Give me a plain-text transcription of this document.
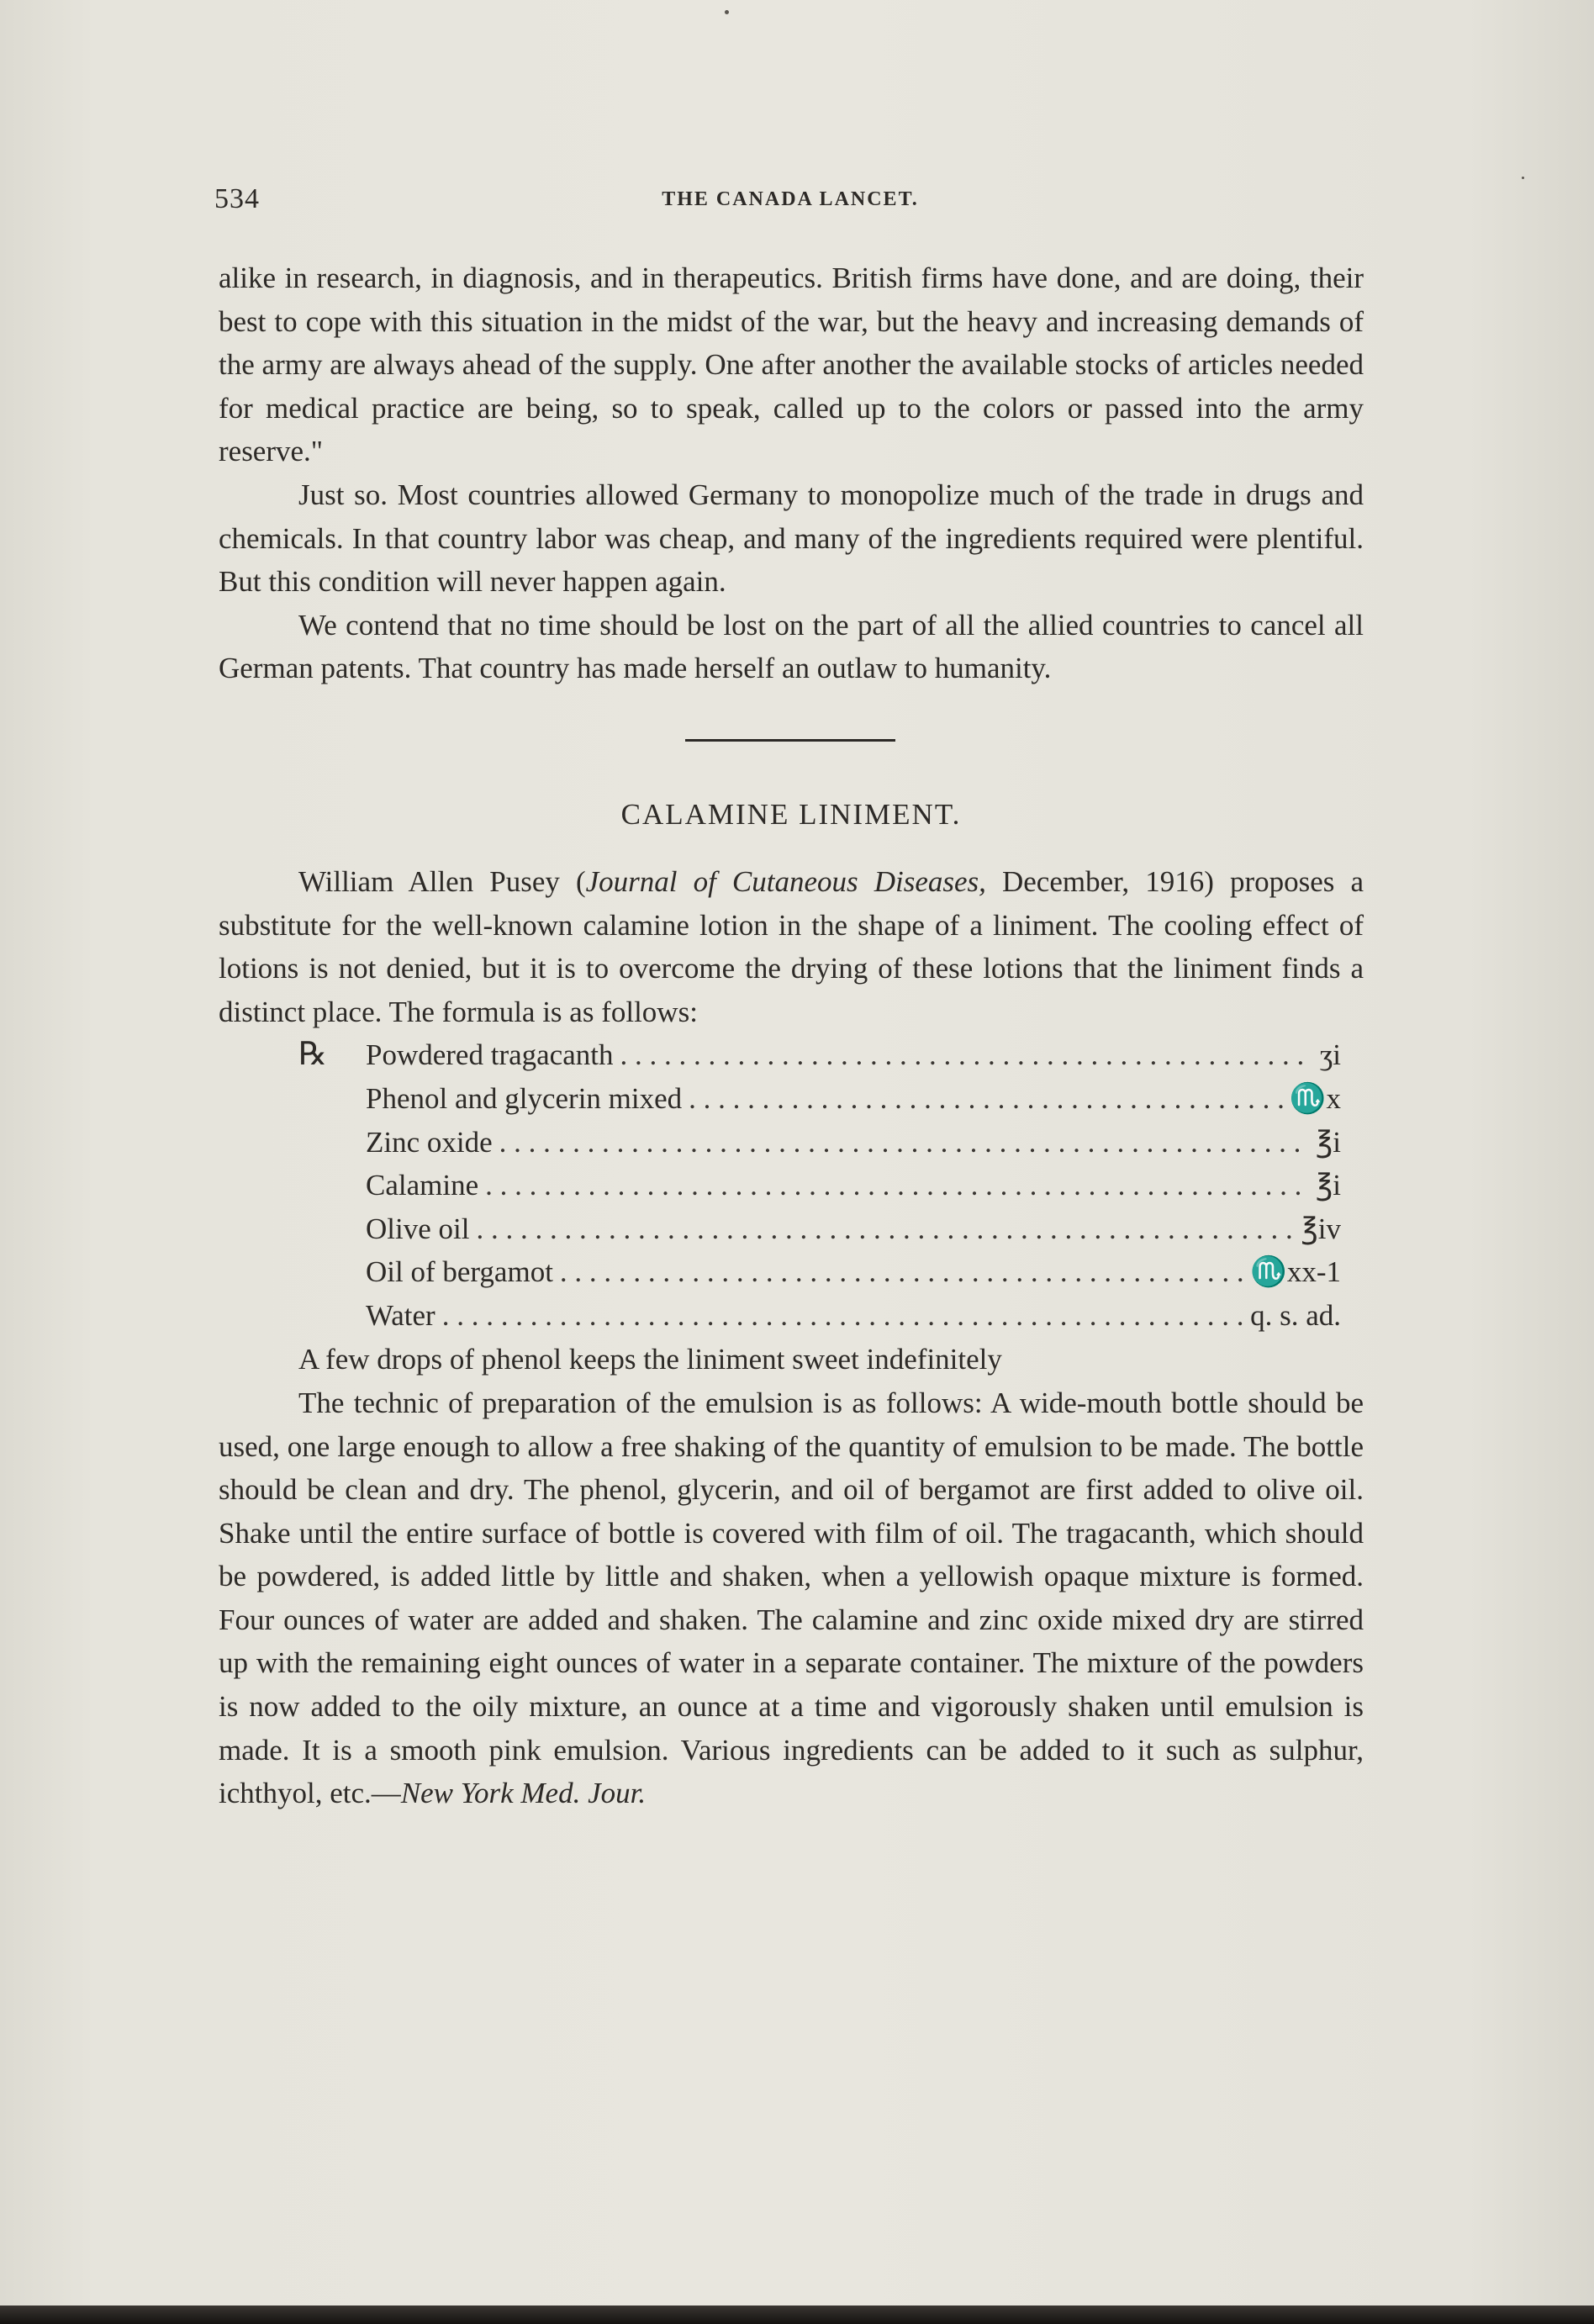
534	THE CANADA LANCET.

alike in research, in diagnosis, and in therapeutics. British firms have done, and are doing, their best to cope with this situation in the midst of the war, but the heavy and increasing demands of the army are always ahead of the supply. One after another the available stocks of articles needed for medical practice are being, so to speak, called up to the colors or passed into the army reserve."

Just so. Most countries allowed Germany to monopolize much of the trade in drugs and chemicals. In that country labor was cheap, and many of the ingredients required were plentiful. But this condition will never happen again.

We contend that no time should be lost on the part of all the allied countries to cancel all German patents. That country has made herself an outlaw to humanity.

CALAMINE LINIMENT.

William Allen Pusey (Journal of Cutaneous Diseases, December, 1916) proposes a substitute for the well-known calamine lotion in the shape of a liniment. The cooling effect of lotions is not denied, but it is to overcome the drying of these lotions that the liniment finds a distinct place. The formula is as follows:

℞ Powdered tragacanth . . .	ʒi
Phenol and glycerin mixed . . .	♏x
Zinc oxide . . .	℥i
Calamine . . .	℥i
Olive oil . . .	℥iv
Oil of bergamot . . .	♏xx-1
Water . . .	q. s. ad.

A few drops of phenol keeps the liniment sweet indefinitely

The technic of preparation of the emulsion is as follows: A wide-mouth bottle should be used, one large enough to allow a free shaking of the quantity of emulsion to be made. The bottle should be clean and dry. The phenol, glycerin, and oil of bergamot are first added to olive oil. Shake until the entire surface of bottle is covered with film of oil. The tragacanth, which should be powdered, is added little by little and shaken, when a yellowish opaque mixture is formed. Four ounces of water are added and shaken. The calamine and zinc oxide mixed dry are stirred up with the remaining eight ounces of water in a separate container. The mixture of the powders is now added to the oily mixture, an ounce at a time and vigorously shaken until emulsion is made. It is a smooth pink emulsion. Various ingredients can be added to it such as sulphur, ichthyol, etc.—New York Med. Jour.
